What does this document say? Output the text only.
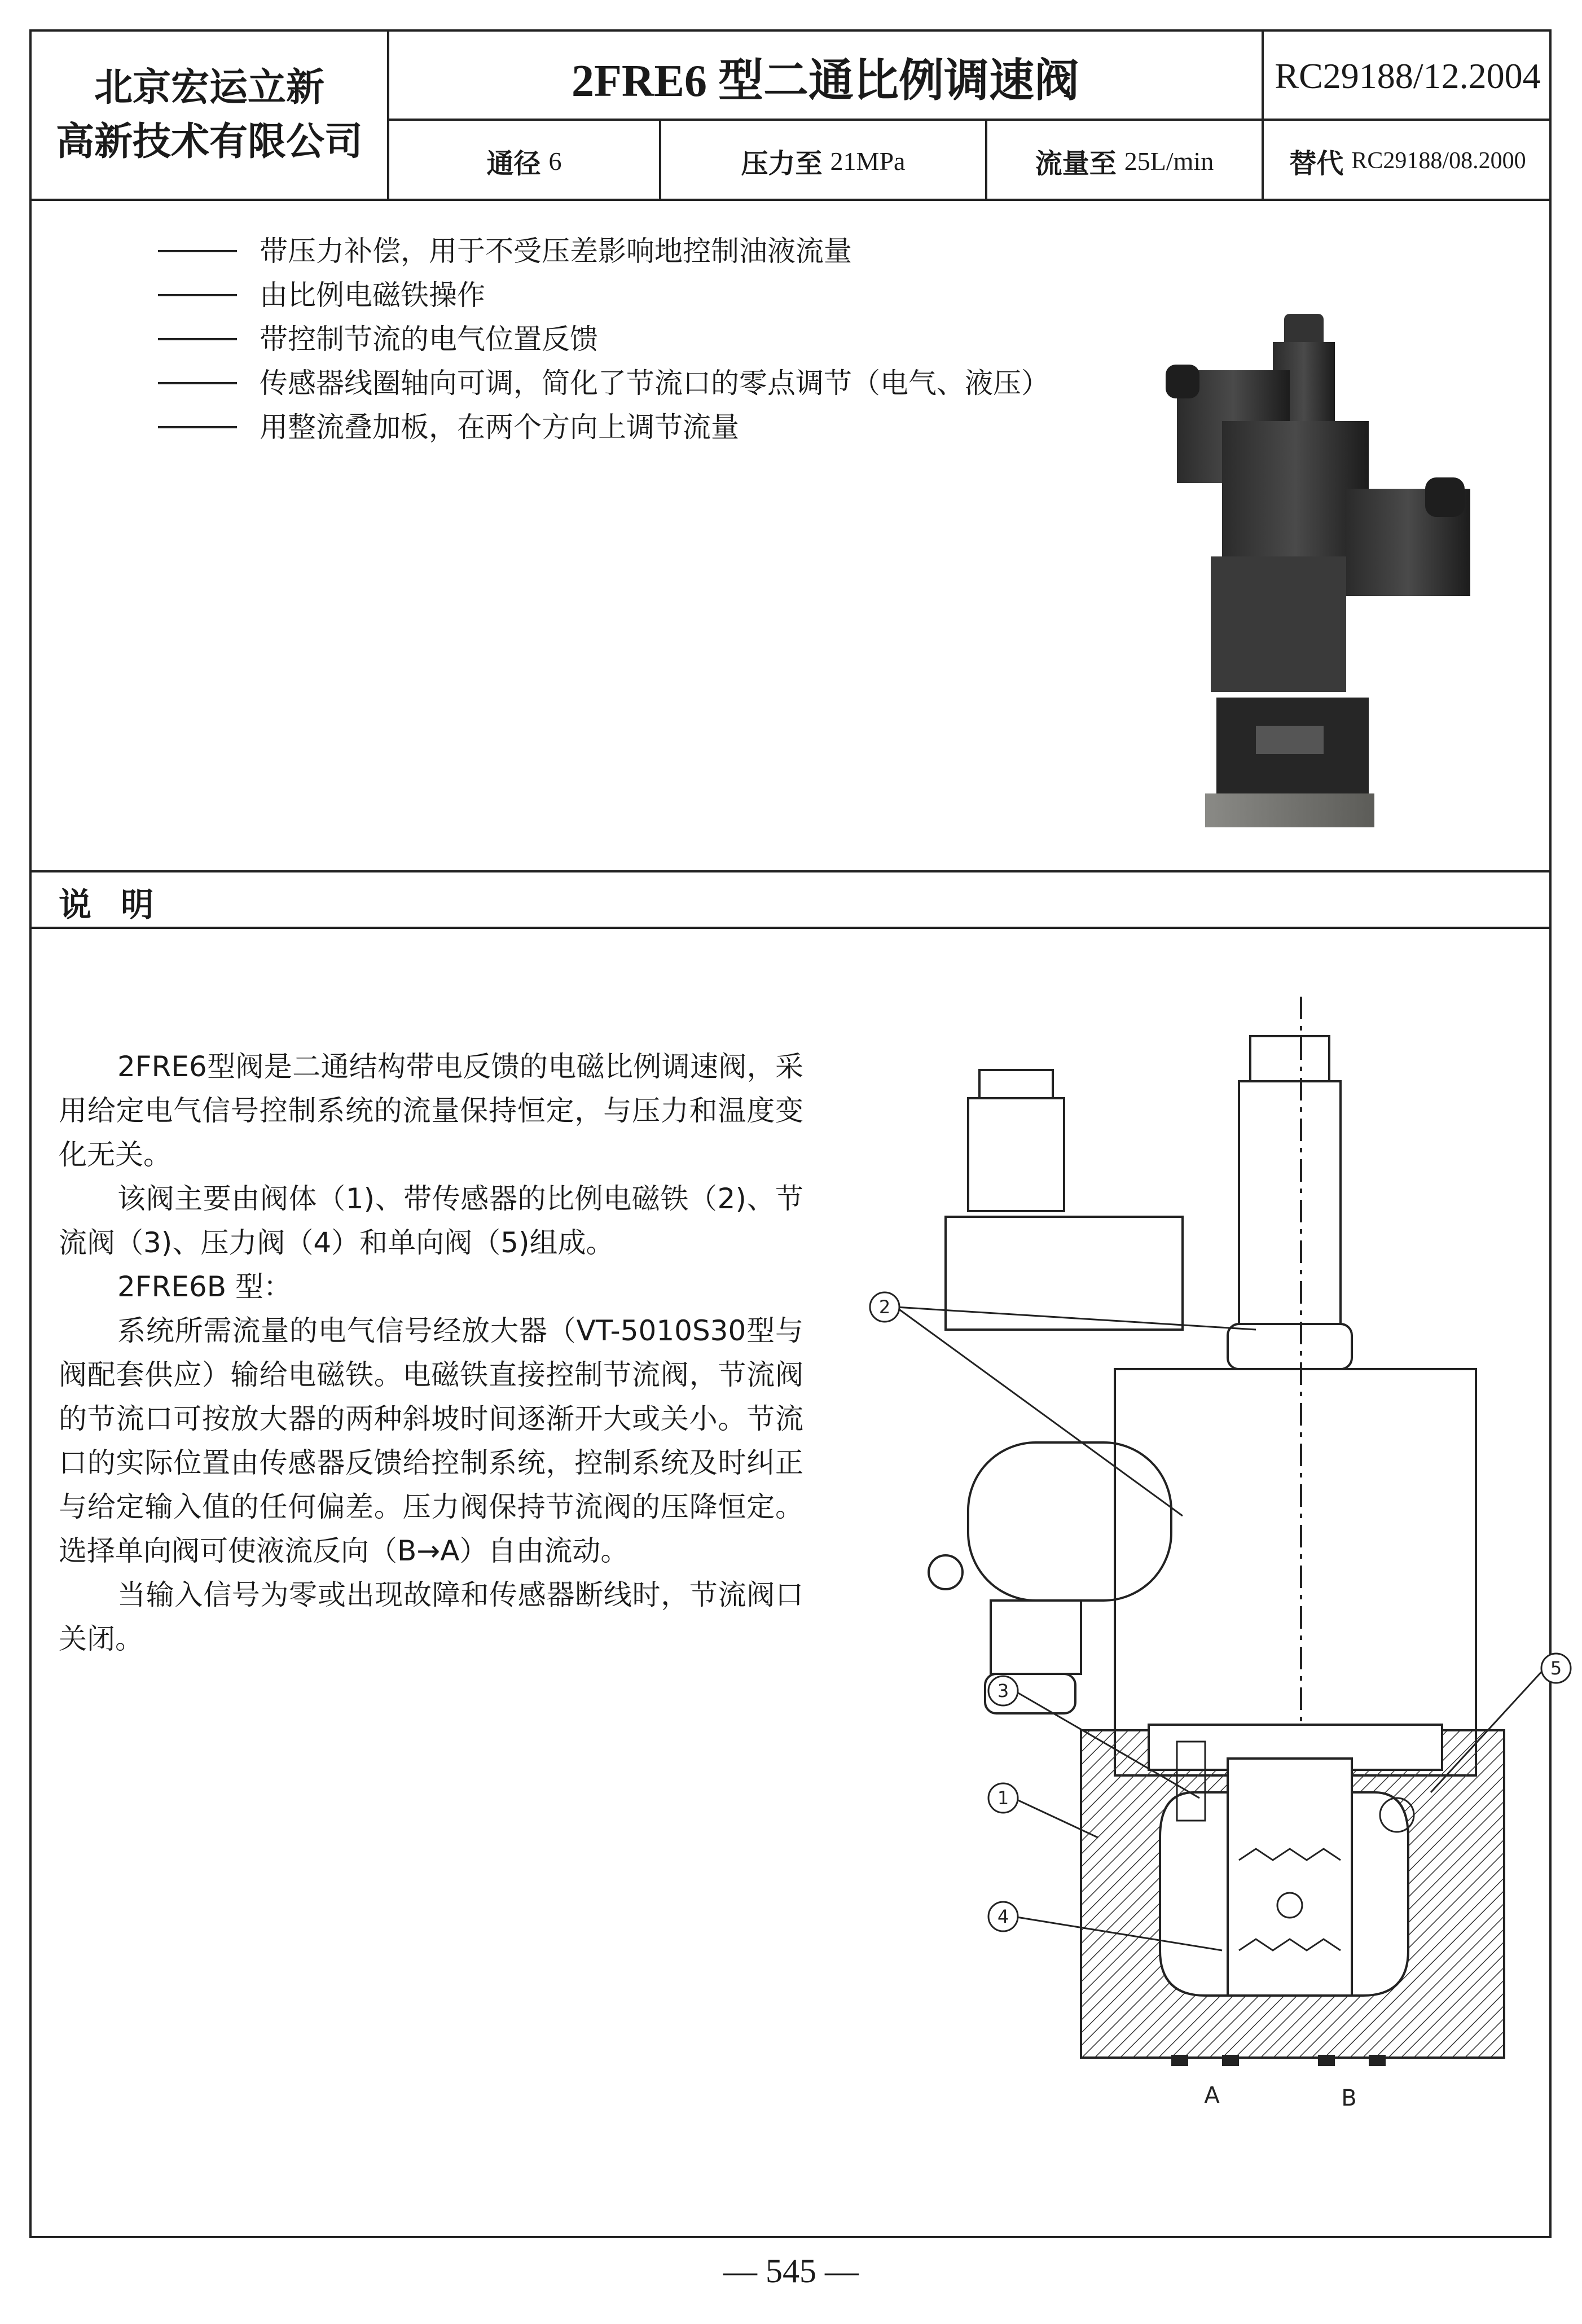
北京宏运立新
高新技术有限公司
2FRE6 型二通比例调速阀	RC29188/12.2004
通径 6	压力至 21MPa	流量至 25L/min	替代 RC29188/08.2000
带压力补偿，用于不受压差影响地控制油液流量
由比例电磁铁操作
带控制节流的电气位置反馈
传感器线圈轴向可调，简化了节流口的零点调节（电气、液压）
用整流叠加板，在两个方向上调节流量
说 明

2FRE6型阀是二通结构带电反馈的电磁比例调速阀，采用给定电气信号控制系统的流量保持恒定，与压力和温度变化无关。

该阀主要由阀体（1)、带传感器的比例电磁铁（2)、节流阀（3)、压力阀（4）和单向阀（5)组成。

2FRE6B 型：

系统所需流量的电气信号经放大器（VT-5010S30型与阀配套供应）输给电磁铁。电磁铁直接控制节流阀，节流阀的节流口可按放大器的两种斜坡时间逐渐开大或关小。节流口的实际位置由传感器反馈给控制系统，控制系统及时纠正与给定输入值的任何偏差。压力阀保持节流阀的压降恒定。选择单向阀可使液流反向（B→A）自由流动。

当输入信号为零或出现故障和传感器断线时，节流阀口关闭。

1
2
3
4
5
A	B
— 545 —
